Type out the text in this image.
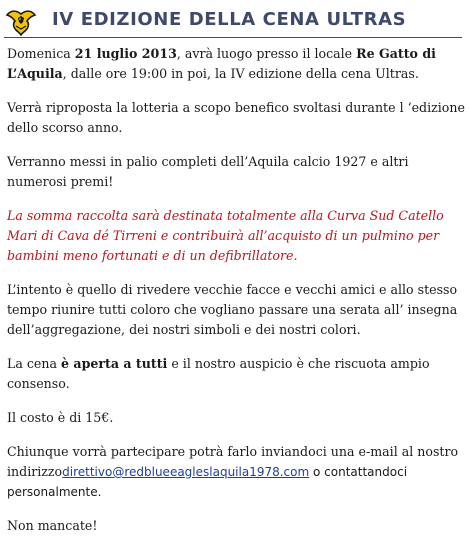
IV EDIZIONE DELLA CENA ULTRAS

Domenica 21 luglio 2013, avrà luogo presso il locale Re Gatto di L’Aquila, dalle ore 19:00 in poi, la IV edizione della cena Ultras.

Verrà riproposta la lotteria a scopo benefico svoltasi durante l ‘edizione dello scorso anno.

Verranno messi in palio completi dell’Aquila calcio 1927 e altri numerosi premi!

La somma raccolta sarà destinata totalmente alla Curva Sud Catello Mari di Cava dé Tirreni e contribuirà all’acquisto di un pulmino per bambini meno fortunati e di un defibrillatore.

L’intento è quello di rivedere vecchie facce e vecchi amici e allo stesso tempo riunire tutti coloro che vogliano passare una serata all’ insegna dell’aggregazione, dei nostri simboli e dei nostri colori.

La cena è aperta a tutti e il nostro auspicio è che riscuota ampio consenso.

Il costo è di 15€.

Chiunque vorrà partecipare potrà farlo inviandoci una e-mail al nostro indirizzodirettivo@redblueeagleslaquila1978.com o contattandoci personalmente.

Non mancate!
